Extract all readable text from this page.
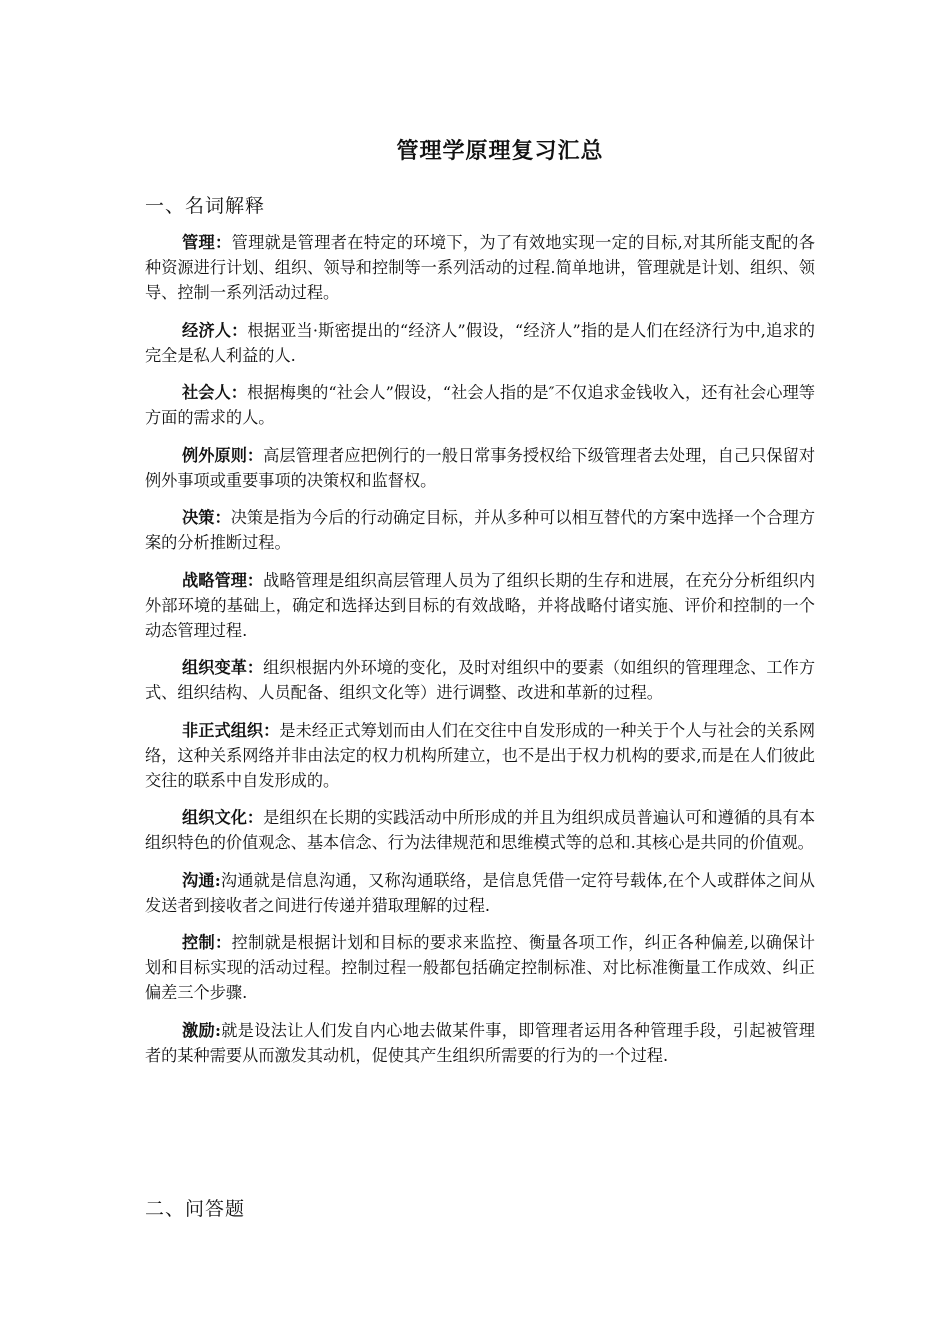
管理学原理复习汇总
一、名词解释

管理：管理就是管理者在特定的环境下，为了有效地实现一定的目标,对其所能支配的各种资源进行计划、组织、领导和控制等一系列活动的过程.简单地讲，管理就是计划、组织、领导、控制一系列活动过程。

经济人：根据亚当·斯密提出的“经济人”假设，“经济人”指的是人们在经济行为中,追求的完全是私人利益的人.

社会人：根据梅奥的“社会人”假设，“社会人指的是″不仅追求金钱收入，还有社会心理等方面的需求的人。

例外原则：高层管理者应把例行的一般日常事务授权给下级管理者去处理，自己只保留对例外事项或重要事项的决策权和监督权。

决策：决策是指为今后的行动确定目标，并从多种可以相互替代的方案中选择一个合理方案的分析推断过程。

战略管理：战略管理是组织高层管理人员为了组织长期的生存和进展，在充分分析组织内外部环境的基础上，确定和选择达到目标的有效战略，并将战略付诸实施、评价和控制的一个动态管理过程.

组织变革：组织根据内外环境的变化，及时对组织中的要素（如组织的管理理念、工作方式、组织结构、人员配备、组织文化等）进行调整、改进和革新的过程。

非正式组织：是未经正式筹划而由人们在交往中自发形成的一种关于个人与社会的关系网络，这种关系网络并非由法定的权力机构所建立，也不是出于权力机构的要求,而是在人们彼此交往的联系中自发形成的。

组织文化：是组织在长期的实践活动中所形成的并且为组织成员普遍认可和遵循的具有本组织特色的价值观念、基本信念、行为法律规范和思维模式等的总和.其核心是共同的价值观。

沟通:沟通就是信息沟通，又称沟通联络，是信息凭借一定符号载体,在个人或群体之间从发送者到接收者之间进行传递并猎取理解的过程.

控制：控制就是根据计划和目标的要求来监控、衡量各项工作，纠正各种偏差,以确保计划和目标实现的活动过程。控制过程一般都包括确定控制标准、对比标准衡量工作成效、纠正偏差三个步骤.

激励:就是设法让人们发自内心地去做某件事，即管理者运用各种管理手段，引起被管理者的某种需要从而激发其动机，促使其产生组织所需要的行为的一个过程.

二、问答题
